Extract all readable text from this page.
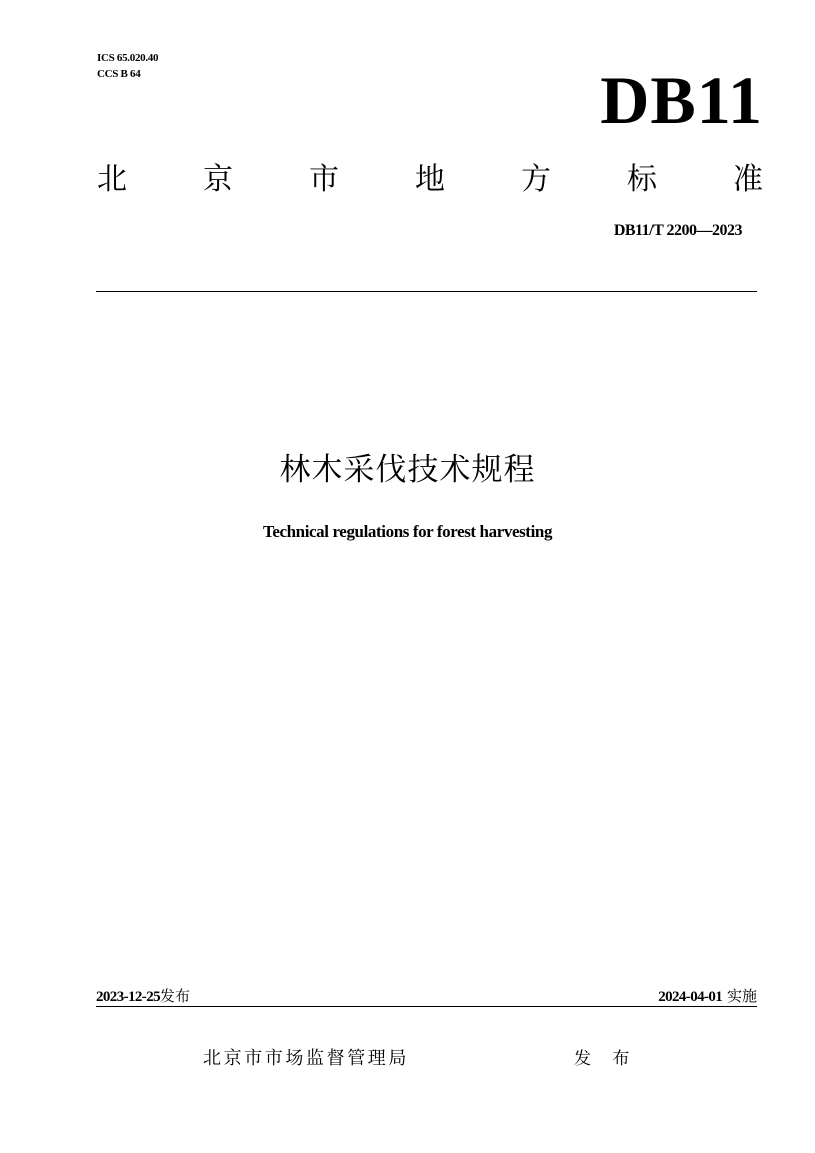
ICS 65.020.40
CCS B 64	DB11
北	京	市	地	方	标	准
DB11/T 2200—2023
林木采伐技术规程
Technical regulations for forest harvesting
2023-12-25发布	2024-04-01 实施
北京市市场监督管理局	发 布
